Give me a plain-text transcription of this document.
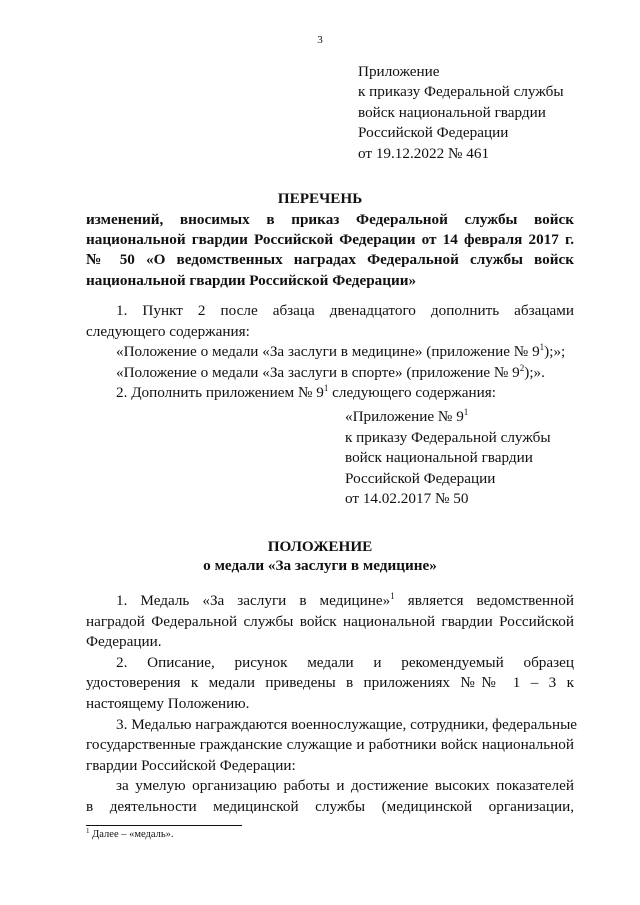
3
Приложение
к приказу Федеральной службы
войск национальной гвардии
Российской Федерации
от 19.12.2022 № 461
ПЕРЕЧЕНЬ
изменений, вносимых в приказ Федеральной службы войск
национальной гвардии Российской Федерации от 14 февраля 2017 г.
№ 50 «О ведомственных наградах Федеральной службы войск
национальной гвардии Российской Федерации»
1. Пункт 2 после абзаца двенадцатого дополнить абзацами
следующего содержания:
«Положение о медали «За заслуги в медицине» (приложение № $9^1$);»;
«Положение о медали «За заслуги в спорте» (приложение № $9^2$);».
2. Дополнить приложением № $9^1$ следующего содержания:
«Приложение № $9^1$
к приказу Федеральной службы
войск национальной гвардии
Российской Федерации
от 14.02.2017 № 50
ПОЛОЖЕНИЕ
о медали «За заслуги в медицине»
1. Медаль «За заслуги в медицине»$^1$ является ведомственной
наградой Федеральной службы войск национальной гвардии Российской
Федерации.
2. Описание, рисунок медали и рекомендуемый образец
удостоверения к медали приведены в приложениях №№ 1 – 3 к
настоящему Положению.
3. Медалью награждаются военнослужащие, сотрудники, федеральные
государственные гражданские служащие и работники войск национальной
гвардии Российской Федерации:
за умелую организацию работы и достижение высоких показателей
в деятельности медицинской службы (медицинской организации,
$^1$ Далее – «медаль».
